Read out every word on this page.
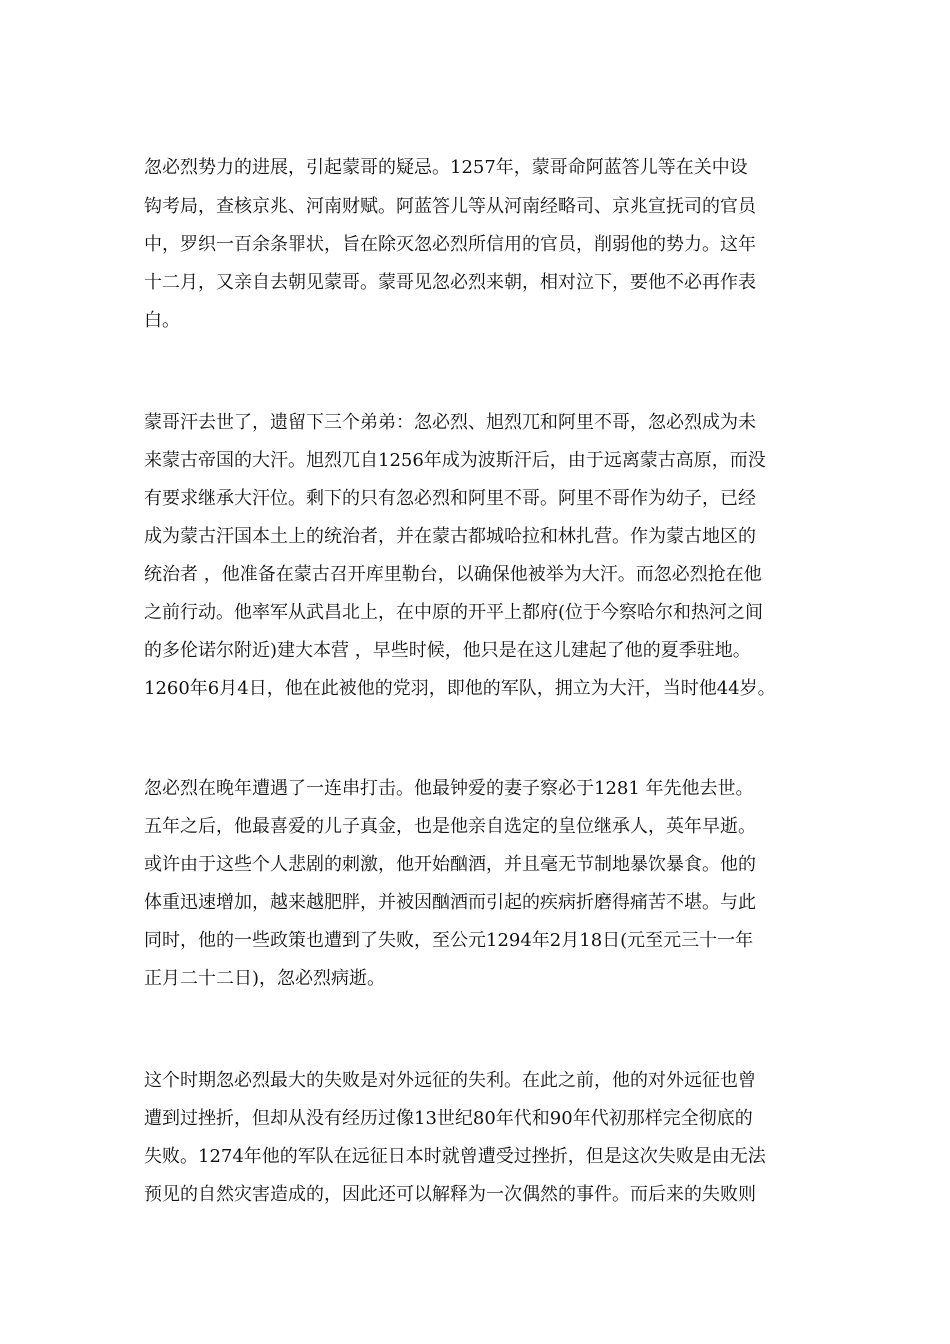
忽必烈势力的进展，引起蒙哥的疑忌。1257年，蒙哥命阿蓝答儿等在关中设
钩考局，查核京兆、河南财赋。阿蓝答儿等从河南经略司、京兆宣抚司的官员
中，罗织一百余条罪状，旨在除灭忽必烈所信用的官员，削弱他的势力。这年
十二月，又亲自去朝见蒙哥。蒙哥见忽必烈来朝，相对泣下，要他不必再作表
白。
蒙哥汗去世了，遗留下三个弟弟：忽必烈、旭烈兀和阿里不哥，忽必烈成为未
来蒙古帝国的大汗。旭烈兀自1256年成为波斯汗后，由于远离蒙古高原，而没
有要求继承大汗位。剩下的只有忽必烈和阿里不哥。阿里不哥作为幼子，已经
成为蒙古汗国本土上的统治者，并在蒙古都城哈拉和林扎营。作为蒙古地区的
统治者 ，他准备在蒙古召开库里勒台，以确保他被举为大汗。而忽必烈抢在他
之前行动。他率军从武昌北上，在中原的开平上都府(位于今察哈尔和热河之间
的多伦诺尔附近)建大本营 ，早些时候，他只是在这儿建起了他的夏季驻地。
1260年6月4日，他在此被他的党羽，即他的军队，拥立为大汗，当时他44岁。
忽必烈在晚年遭遇了一连串打击。他最钟爱的妻子察必于1281 年先他去世。
五年之后，他最喜爱的儿子真金，也是他亲自选定的皇位继承人，英年早逝。
或许由于这些个人悲剧的刺激，他开始酗酒，并且毫无节制地暴饮暴食。他的
体重迅速增加，越来越肥胖，并被因酗酒而引起的疾病折磨得痛苦不堪。与此
同时，他的一些政策也遭到了失败，至公元1294年2月18日(元至元三十一年
正月二十二日)，忽必烈病逝。
这个时期忽必烈最大的失败是对外远征的失利。在此之前，他的对外远征也曾
遭到过挫折，但却从没有经历过像13世纪80年代和90年代初那样完全彻底的
失败。1274年他的军队在远征日本时就曾遭受过挫折，但是这次失败是由无法
预见的自然灾害造成的，因此还可以解释为一次偶然的事件。而后来的失败则
